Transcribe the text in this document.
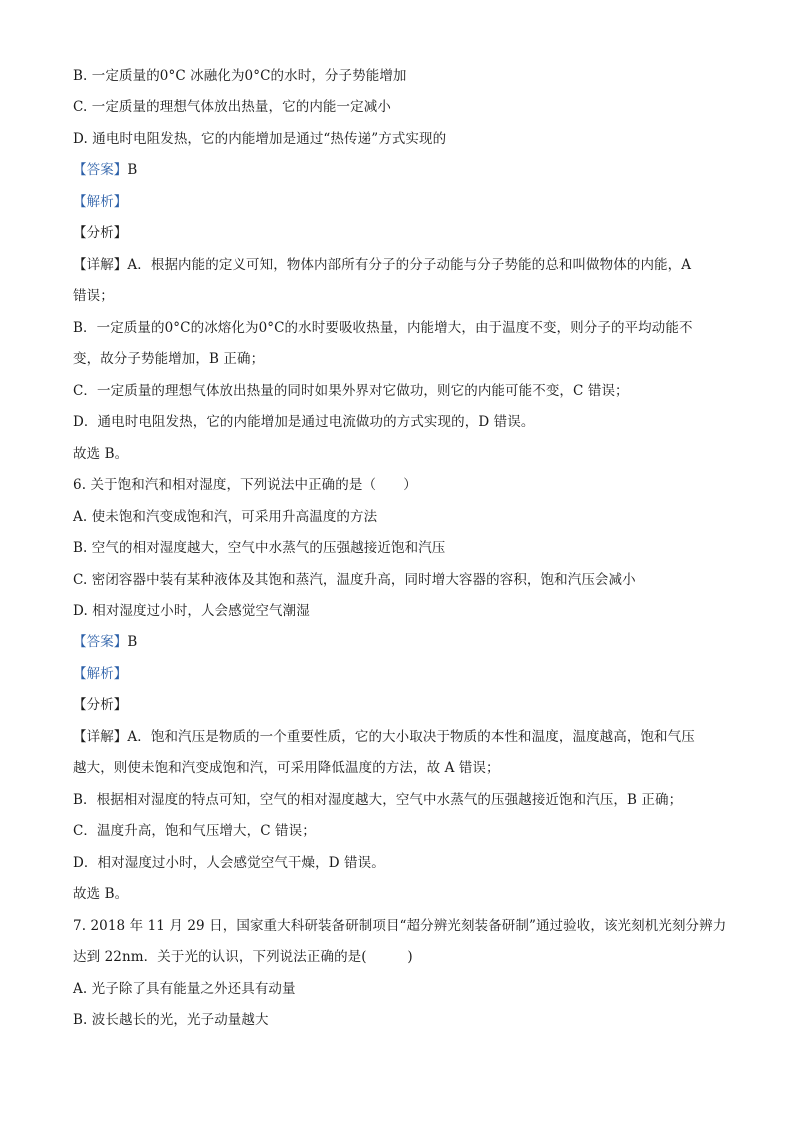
B. 一定质量的0°C 冰融化为0°C的水时，分子势能增加
C. 一定质量的理想气体放出热量，它的内能一定减小
D. 通电时电阻发热，它的内能增加是通过“热传递”方式实现的
【答案】B
【解析】
【分析】
【详解】A．根据内能的定义可知，物体内部所有分子的分子动能与分子势能的总和叫做物体的内能，A
错误；
B．一定质量的0°C的冰熔化为0°C的水时要吸收热量，内能增大，由于温度不变，则分子的平均动能不
变，故分子势能增加，B 正确；
C．一定质量的理想气体放出热量的同时如果外界对它做功，则它的内能可能不变，C 错误；
D．通电时电阻发热，它的内能增加是通过电流做功的方式实现的，D 错误。
故选 B。
6. 关于饱和汽和相对湿度，下列说法中正确的是（　　）
A. 使未饱和汽变成饱和汽，可采用升高温度的方法
B. 空气的相对湿度越大，空气中水蒸气的压强越接近饱和汽压
C. 密闭容器中装有某种液体及其饱和蒸汽，温度升高，同时增大容器的容积，饱和汽压会减小
D. 相对湿度过小时，人会感觉空气潮湿
【答案】B
【解析】
【分析】
【详解】A．饱和汽压是物质的一个重要性质，它的大小取决于物质的本性和温度，温度越高，饱和气压
越大，则使未饱和汽变成饱和汽，可采用降低温度的方法，故 A 错误；
B．根据相对湿度的特点可知，空气的相对湿度越大，空气中水蒸气的压强越接近饱和汽压，B 正确；
C．温度升高，饱和气压增大，C 错误；
D．相对湿度过小时，人会感觉空气干燥，D 错误。
故选 B。
7. 2018 年 11 月 29 日，国家重大科研装备研制项目“超分辨光刻装备研制”通过验收，该光刻机光刻分辨力
达到 22nm．关于光的认识，下列说法正确的是(　　　)
A. 光子除了具有能量之外还具有动量
B. 波长越长的光，光子动量越大
